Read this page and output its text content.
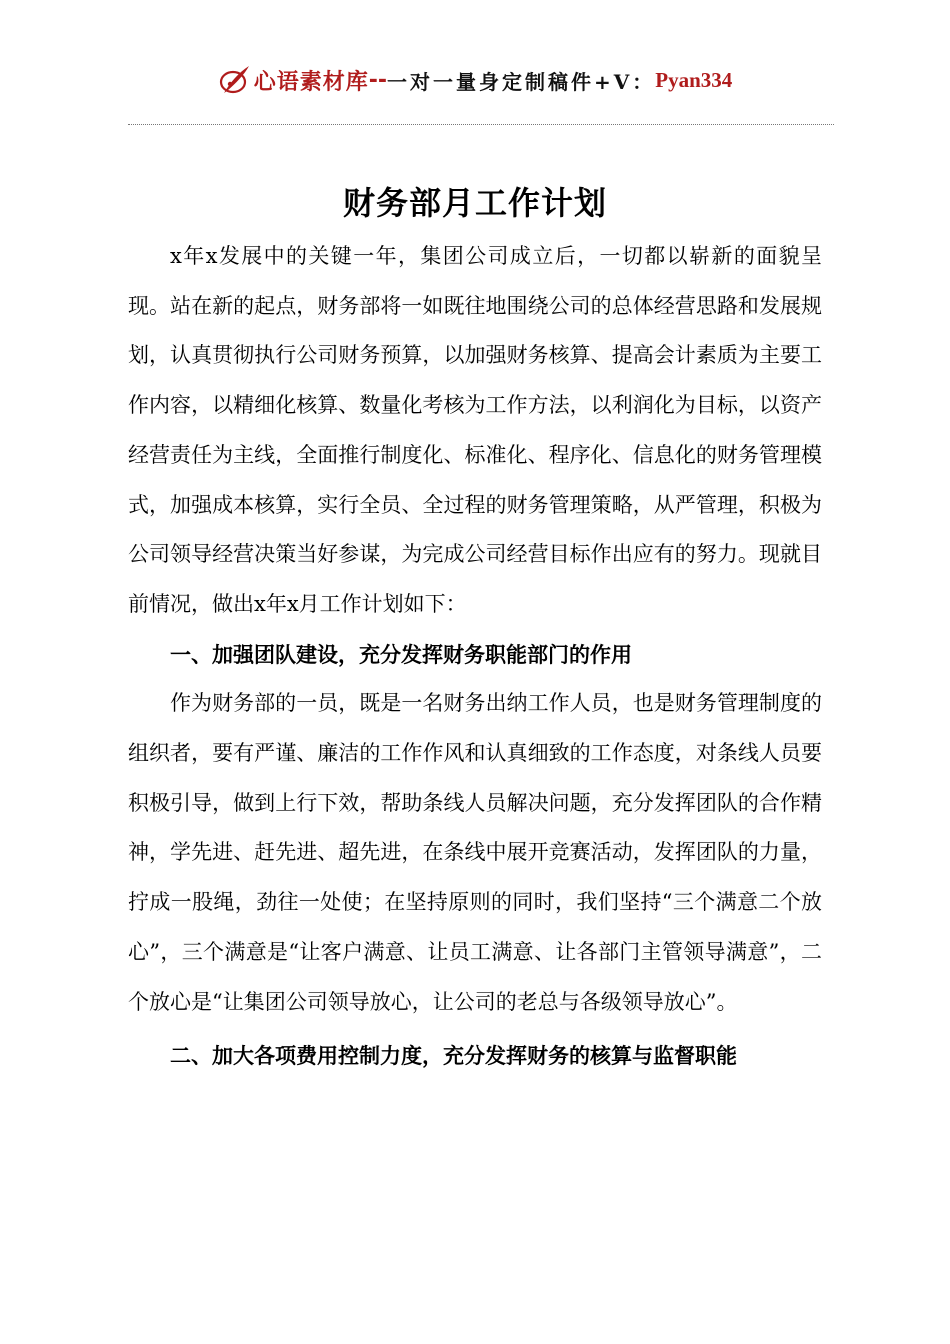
心语素材库 -- 一对一量身定制稿件+V： Pyan334
财务部月工作计划

x年x发展中的关键一年，集团公司成立后，一切都以崭新的面貌呈现。站在新的起点，财务部将一如既往地围绕公司的总体经营思路和发展规划，认真贯彻执行公司财务预算，以加强财务核算、提高会计素质为主要工作内容，以精细化核算、数量化考核为工作方法，以利润化为目标，以资产经营责任为主线，全面推行制度化、标准化、程序化、信息化的财务管理模式，加强成本核算，实行全员、全过程的财务管理策略，从严管理，积极为公司领导经营决策当好参谋，为完成公司经营目标作出应有的努力。现就目前情况，做出x年x月工作计划如下：

一、加强团队建设，充分发挥财务职能部门的作用

作为财务部的一员，既是一名财务出纳工作人员，也是财务管理制度的组织者，要有严谨、廉洁的工作作风和认真细致的工作态度，对条线人员要积极引导，做到上行下效，帮助条线人员解决问题，充分发挥团队的合作精神，学先进、赶先进、超先进，在条线中展开竞赛活动，发挥团队的力量，拧成一股绳，劲往一处使；在坚持原则的同时，我们坚持“三个满意二个放心”，三个满意是“让客户满意、让员工满意、让各部门主管领导满意”，二个放心是“让集团公司领导放心，让公司的老总与各级领导放心”。

二、加大各项费用控制力度，充分发挥财务的核算与监督职能
